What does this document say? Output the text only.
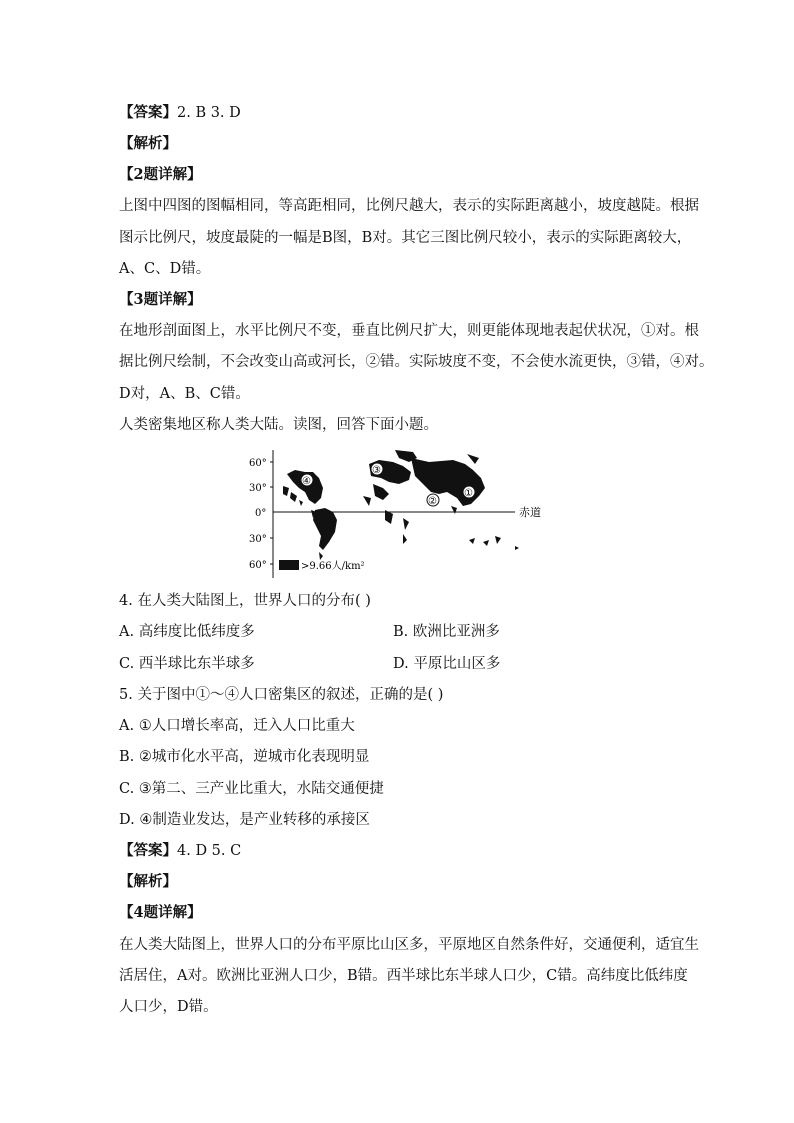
【答案】2. B 3. D
【解析】
【2题详解】
上图中四图的图幅相同，等高距相同，比例尺越大，表示的实际距离越小，坡度越陡。根据
图示比例尺，坡度最陡的一幅是B图，B对。其它三图比例尺较小，表示的实际距离较大，
A、C、D错。
【3题详解】
在地形剖面图上，水平比例尺不变，垂直比例尺扩大，则更能体现地表起伏状况，①对。根
据比例尺绘制，不会改变山高或河长，②错。实际坡度不变，不会使水流更快，③错，④对。
D对，A、B、C错。
人类密集地区称人类大陆。读图，回答下面小题。
60°
30°
0°
30°
60°
赤道
④
③
②
①
>9.66人/km²
4. 在人类大陆图上，世界人口的分布( )
A. 高纬度比低纬度多	B. 欧洲比亚洲多
C. 西半球比东半球多	D. 平原比山区多
5. 关于图中①～④人口密集区的叙述，正确的是( )
A. ①人口增长率高，迁入人口比重大
B. ②城市化水平高，逆城市化表现明显
C. ③第二、三产业比重大，水陆交通便捷
D. ④制造业发达，是产业转移的承接区
【答案】4. D 5. C
【解析】
【4题详解】
在人类大陆图上，世界人口的分布平原比山区多，平原地区自然条件好，交通便利，适宜生
活居住，A对。欧洲比亚洲人口少，B错。西半球比东半球人口少，C错。高纬度比低纬度
人口少，D错。
